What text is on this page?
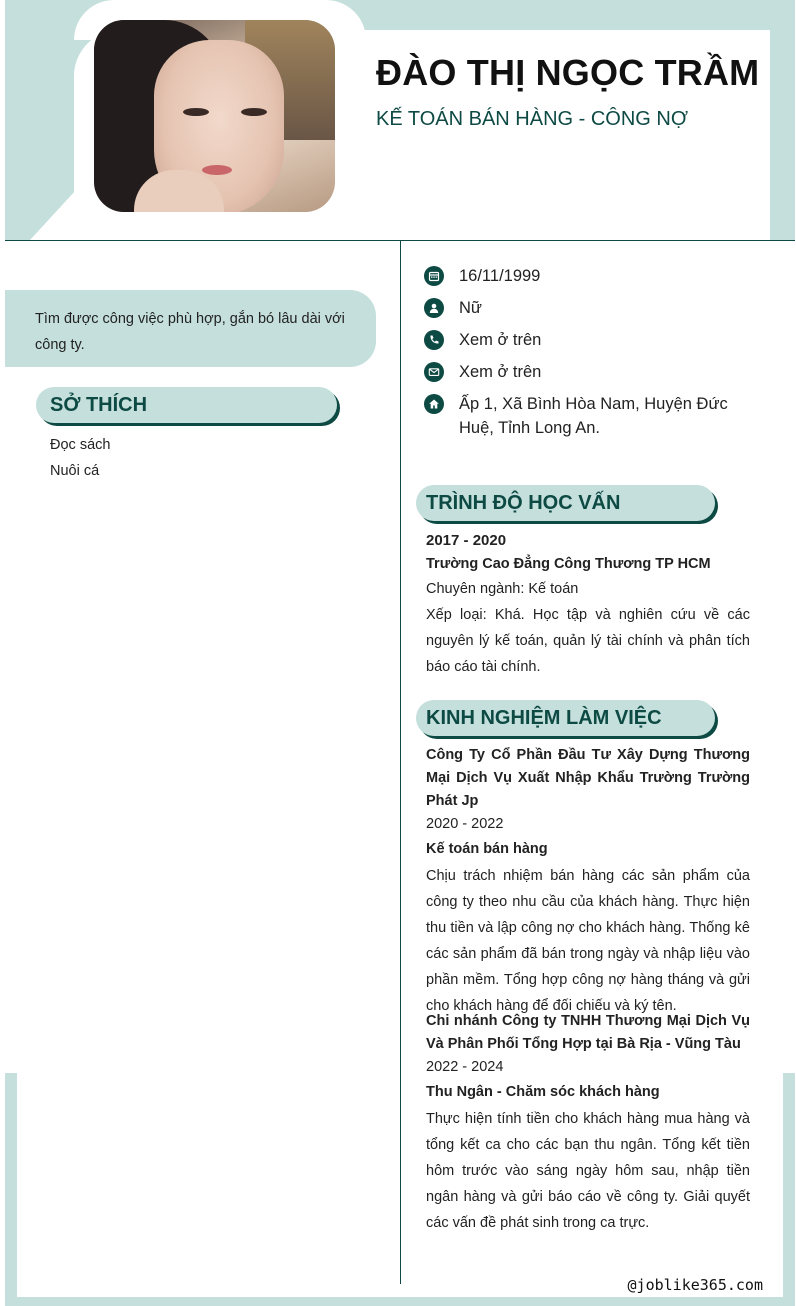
ĐÀO THỊ NGỌC TRẦM
KẾ TOÁN BÁN HÀNG - CÔNG NỢ
Tìm được công việc phù hợp, gắn bó lâu dài với công ty.
SỞ THÍCH
Đọc sách
Nuôi cá
16/11/1999
Nữ
Xem ở trên
Xem ở trên
Ấp 1, Xã Bình Hòa Nam, Huyện Đức Huệ, Tỉnh Long An.
TRÌNH ĐỘ HỌC VẤN
2017 - 2020
Trường Cao Đẳng Công Thương TP HCM
Chuyên ngành: Kế toán

Xếp loại: Khá. Học tập và nghiên cứu về các nguyên lý kế toán, quản lý tài chính và phân tích báo cáo tài chính.

KINH NGHIỆM LÀM VIỆC
Công Ty Cổ Phần Đầu Tư Xây Dựng Thương Mại Dịch Vụ Xuất Nhập Khẩu Trường Trường Phát Jp
2020 - 2022
Kế toán bán hàng

Chịu trách nhiệm bán hàng các sản phẩm của công ty theo nhu cầu của khách hàng. Thực hiện thu tiền và lập công nợ cho khách hàng. Thống kê các sản phẩm đã bán trong ngày và nhập liệu vào phần mềm. Tổng hợp công nợ hàng tháng và gửi cho khách hàng để đối chiếu và ký tên.

Chi nhánh Công ty TNHH Thương Mại Dịch Vụ Và Phân Phối Tổng Hợp tại Bà Rịa - Vũng Tàu
2022 - 2024
Thu Ngân - Chăm sóc khách hàng

Thực hiện tính tiền cho khách hàng mua hàng và tổng kết ca cho các bạn thu ngân. Tổng kết tiền hôm trước vào sáng ngày hôm sau, nhập tiền ngân hàng và gửi báo cáo về công ty. Giải quyết các vấn đề phát sinh trong ca trực.

@joblike365.com
